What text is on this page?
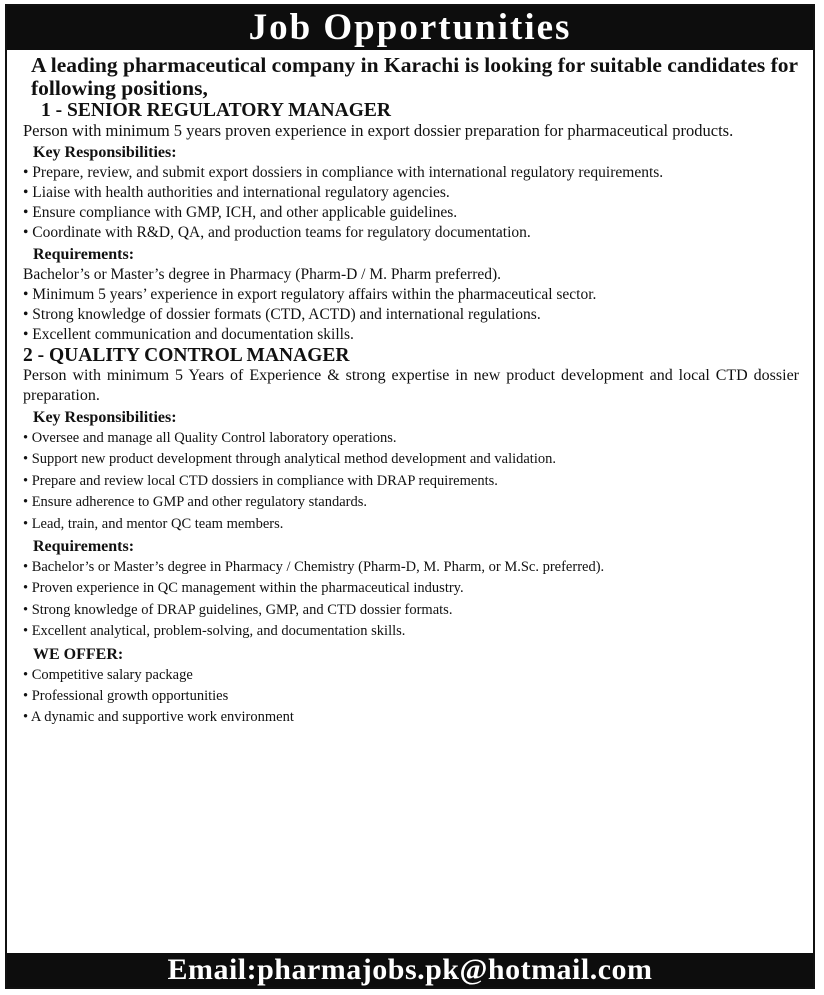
Job Opportunities
A leading pharmaceutical company in Karachi is looking for suitable candidates for following positions,
1 - SENIOR REGULATORY MANAGER
Person with minimum 5 years proven experience in export dossier preparation for pharmaceutical products.
Key Responsibilities:
• Prepare, review, and submit export dossiers in compliance with international regulatory requirements.
• Liaise with health authorities and international regulatory agencies.
• Ensure compliance with GMP, ICH, and other applicable guidelines.
• Coordinate with R&D, QA, and production teams for regulatory documentation.
Requirements:
Bachelor’s or Master’s degree in Pharmacy (Pharm-D / M. Pharm preferred).
• Minimum 5 years’ experience in export regulatory affairs within the pharmaceutical sector.
• Strong knowledge of dossier formats (CTD, ACTD) and international regulations.
• Excellent communication and documentation skills.
2 - QUALITY CONTROL MANAGER
Person with minimum 5 Years of Experience & strong expertise in new product development and local CTD dossier preparation.
Key Responsibilities:
• Oversee and manage all Quality Control laboratory operations.
• Support new product development through analytical method development and validation.
• Prepare and review local CTD dossiers in compliance with DRAP requirements.
• Ensure adherence to GMP and other regulatory standards.
• Lead, train, and mentor QC team members.
Requirements:
• Bachelor’s or Master’s degree in Pharmacy / Chemistry (Pharm-D, M. Pharm, or M.Sc. preferred).
• Proven experience in QC management within the pharmaceutical industry.
• Strong knowledge of DRAP guidelines, GMP, and CTD dossier formats.
• Excellent analytical, problem-solving, and documentation skills.
WE OFFER:
• Competitive salary package
• Professional growth opportunities
• A dynamic and supportive work environment
Email:pharmajobs.pk@hotmail.com
